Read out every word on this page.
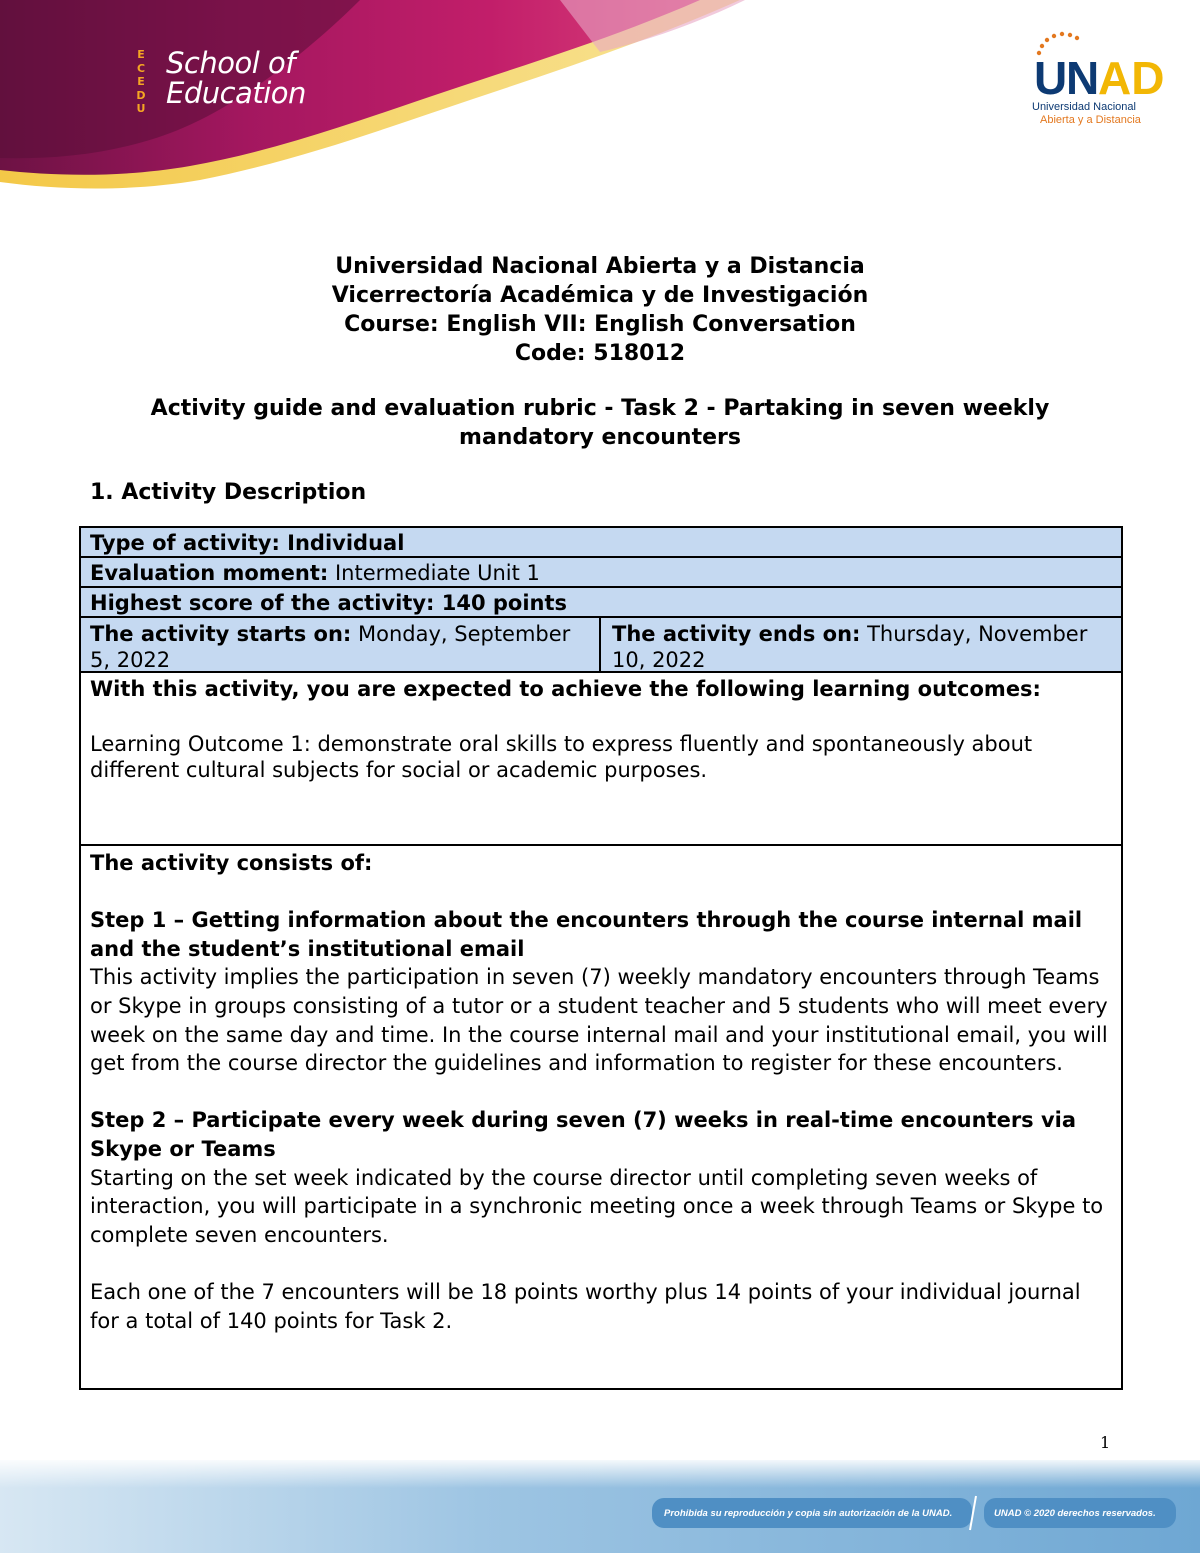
E
C
E
D
U
School of
Education	U
N
AD
Universidad Nacional
Abierta y a Distancia
Universidad Nacional Abierta y a Distancia
Vicerrectoría Académica y de Investigación
Course: English VII: English Conversation
Code: 518012
Activity guide and evaluation rubric - Task 2 - Partaking in seven weekly mandatory encounters
1. Activity Description
Type of activity: Individual
Evaluation moment: Intermediate Unit 1
Highest score of the activity: 140 points
The activity starts on: Monday, September 5, 2022
The activity ends on: Thursday, November 10, 2022

With this activity, you are expected to achieve the following learning outcomes:

Learning Outcome 1: demonstrate oral skills to express fluently and spontaneously about different cultural subjects for social or academic purposes.

The activity consists of:

Step 1 – Getting information about the encounters through the course internal mail and the student’s institutional email

This activity implies the participation in seven (7) weekly mandatory encounters through Teams or Skype in groups consisting of a tutor or a student teacher and 5 students who will meet every week on the same day and time. In the course internal mail and your institutional email, you will get from the course director the guidelines and information to register for these encounters.

Step 2 – Participate every week during seven (7) weeks in real-time encounters via Skype or Teams

Starting on the set week indicated by the course director until completing seven weeks of interaction, you will participate in a synchronic meeting once a week through Teams or Skype to complete seven encounters.

Each one of the 7 encounters will be 18 points worthy plus 14 points of your individual journal for a total of 140 points for Task 2.

1
Prohibida su reproducción y copia sin autorización de la UNAD.	UNAD © 2020 derechos reservados.
